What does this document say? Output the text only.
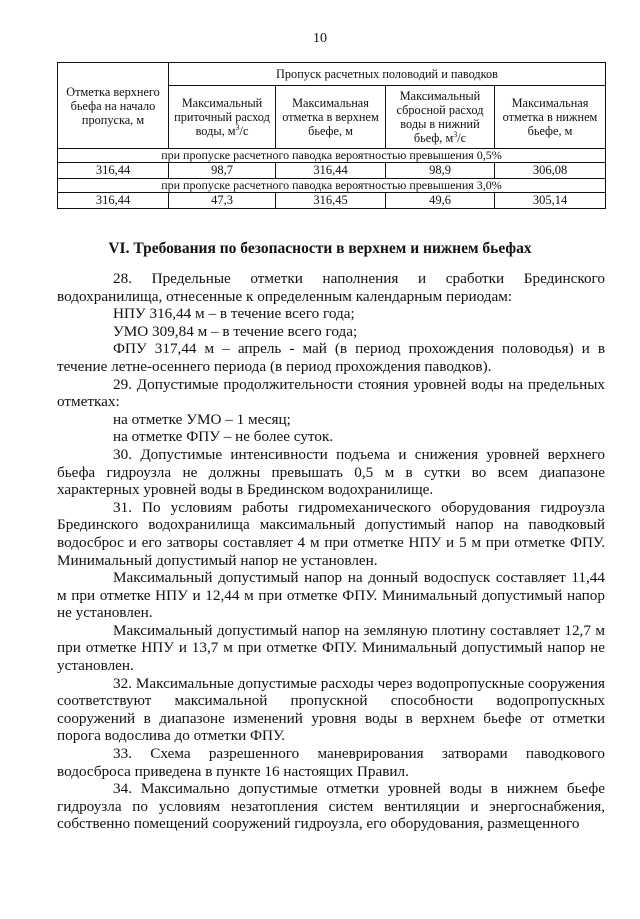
10
Отметка верхнего бьефа на начало пропуска, м	Пропуск расчетных половодий и паводков			
	Максимальный приточный расход воды, $м^3/с$	Максимальная отметка в верхнем бьефе, м	Максимальный сбросной расход воды в нижний бьеф, $м^3/с$	Максимальная отметка в нижнем бьефе, м
при пропуске расчетного паводка вероятностью превышения 0,5%				
316,44	98,7	316,44	98,9	306,08
при пропуске расчетного паводка вероятностью превышения 3,0%				
316,44	47,3	316,45	49,6	305,14
VI. Требования по безопасности в верхнем и нижнем бьефах

28. Предельные отметки наполнения и сработки Брединского

водохранилища, отнесенные к определенным календарным периодам:

НПУ 316,44 м – в течение всего года;

УМО 309,84 м – в течение всего года;

ФПУ 317,44 м – апрель - май (в период прохождения половодья) и в течение летне-осеннего периода (в период прохождения паводков).

29. Допустимые продолжительности стояния уровней воды на предельных отметках:

на отметке УМО – 1 месяц;

на отметке ФПУ – не более суток.

30. Допустимые интенсивности подъема и снижения уровней верхнего бьефа гидроузла не должны превышать 0,5 м в сутки во всем диапазоне характерных уровней воды в Брединском водохранилище.

31. По условиям работы гидромеханического оборудования гидроузла Брединского водохранилища максимальный допустимый напор на паводковый водосброс и его затворы составляет 4 м при отметке НПУ и 5 м при отметке ФПУ. Минимальный допустимый напор не установлен.

Максимальный допустимый напор на донный водоспуск составляет 11,44 м при отметке НПУ и 12,44 м при отметке ФПУ. Минимальный допустимый напор не установлен.

Максимальный допустимый напор на земляную плотину составляет 12,7 м при отметке НПУ и 13,7 м при отметке ФПУ. Минимальный допустимый напор не установлен.

32. Максимальные допустимые расходы через водопропускные сооружения соответствуют максимальной пропускной способности водопропускных сооружений в диапазоне изменений уровня воды в верхнем бьефе от отметки порога водослива до отметки ФПУ.

33. Схема разрешенного маневрирования затворами паводкового водосброса приведена в пункте 16 настоящих Правил.

34. Максимально допустимые отметки уровней воды в нижнем бьефе гидроузла по условиям незатопления систем вентиляции и энергоснабжения, собственно помещений сооружений гидроузла, его оборудования, размещенного
